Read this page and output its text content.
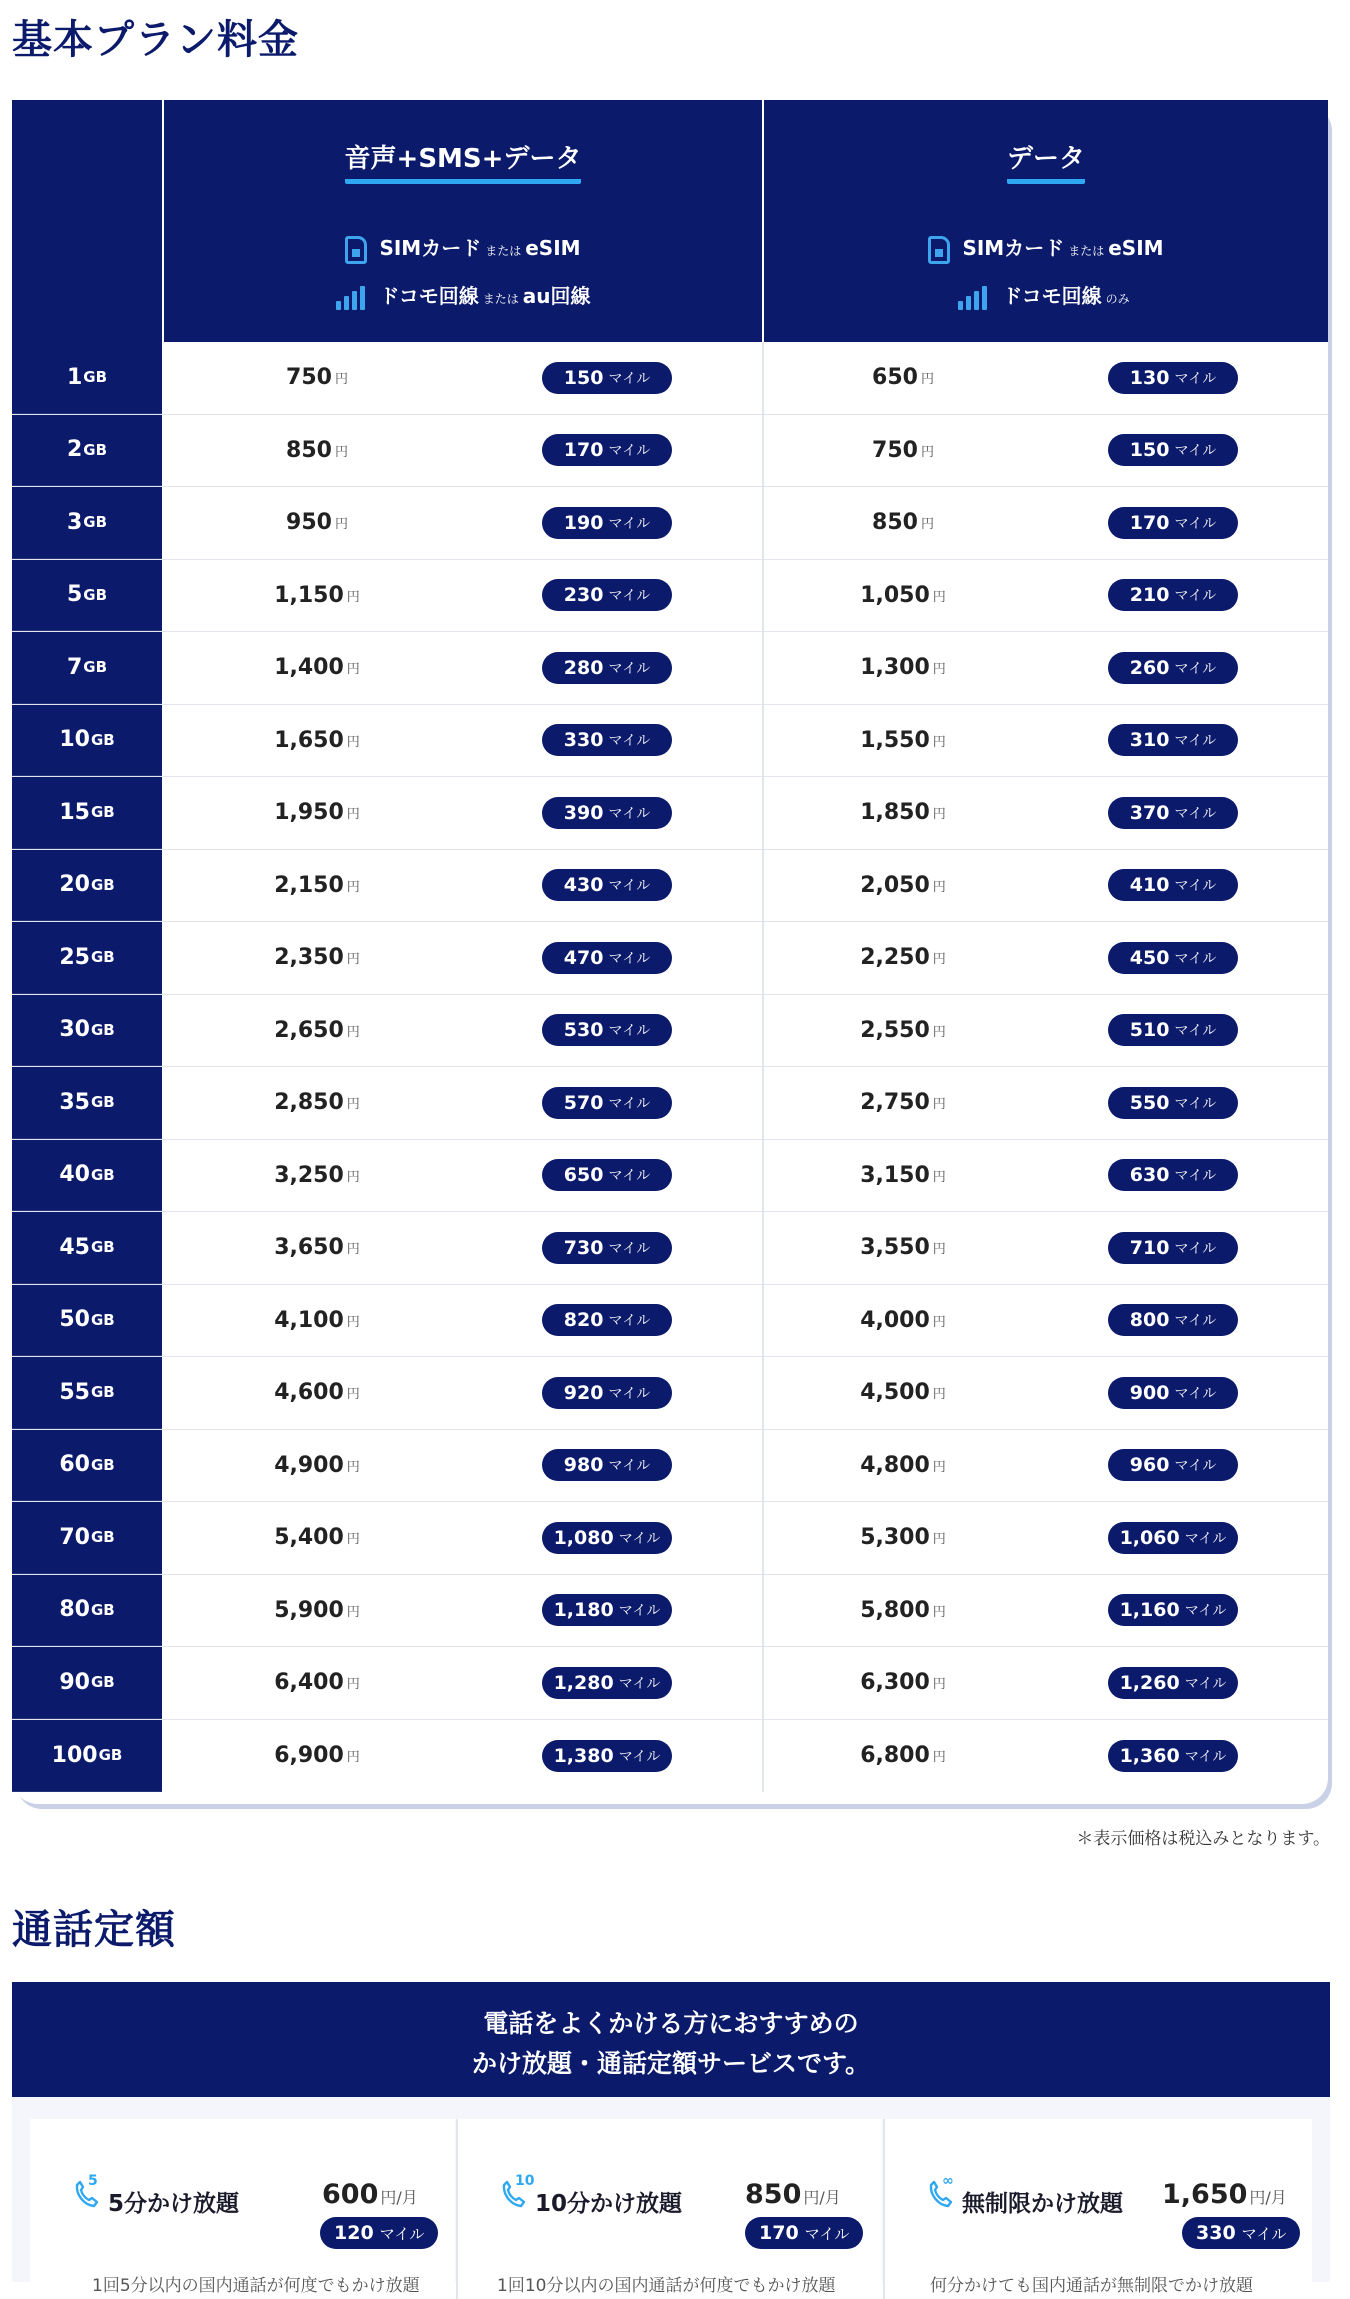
基本プラン料金
音声+SMS+データ
SIMカード または eSIM
ドコモ回線 または au回線
データ
SIMカード または eSIM
ドコモ回線 のみ
1 GB	750 円	150 マイル	650 円	130 マイル
2 GB	850 円	170 マイル	750 円	150 マイル
3 GB	950 円	190 マイル	850 円	170 マイル
5 GB	1,150 円	230 マイル	1,050 円	210 マイル
7 GB	1,400 円	280 マイル	1,300 円	260 マイル
10 GB	1,650 円	330 マイル	1,550 円	310 マイル
15 GB	1,950 円	390 マイル	1,850 円	370 マイル
20 GB	2,150 円	430 マイル	2,050 円	410 マイル
25 GB	2,350 円	470 マイル	2,250 円	450 マイル
30 GB	2,650 円	530 マイル	2,550 円	510 マイル
35 GB	2,850 円	570 マイル	2,750 円	550 マイル
40 GB	3,250 円	650 マイル	3,150 円	630 マイル
45 GB	3,650 円	730 マイル	3,550 円	710 マイル
50 GB	4,100 円	820 マイル	4,000 円	800 マイル
55 GB	4,600 円	920 マイル	4,500 円	900 マイル
60 GB	4,900 円	980 マイル	4,800 円	960 マイル
70 GB	5,400 円	1,080 マイル	5,300 円	1,060 マイル
80 GB	5,900 円	1,180 マイル	5,800 円	1,160 マイル
90 GB	6,400 円	1,280 マイル	6,300 円	1,260 マイル
100 GB	6,900 円	1,380 マイル	6,800 円	1,360 マイル
＊表示価格は税込みとなります。
通話定額
電話をよくかける方におすすめの
かけ放題・通話定額サービスです。
5
5分かけ放題	600 円/月
120 マイル
1回5分以内の国内通話が何度でもかけ放題
10
10分かけ放題 850 円/月
170 マイル
1回10分以内の国内通話が何度でもかけ放題
∞
無制限かけ放題 1,650 円/月
330 マイル
何分かけても国内通話が無制限でかけ放題
